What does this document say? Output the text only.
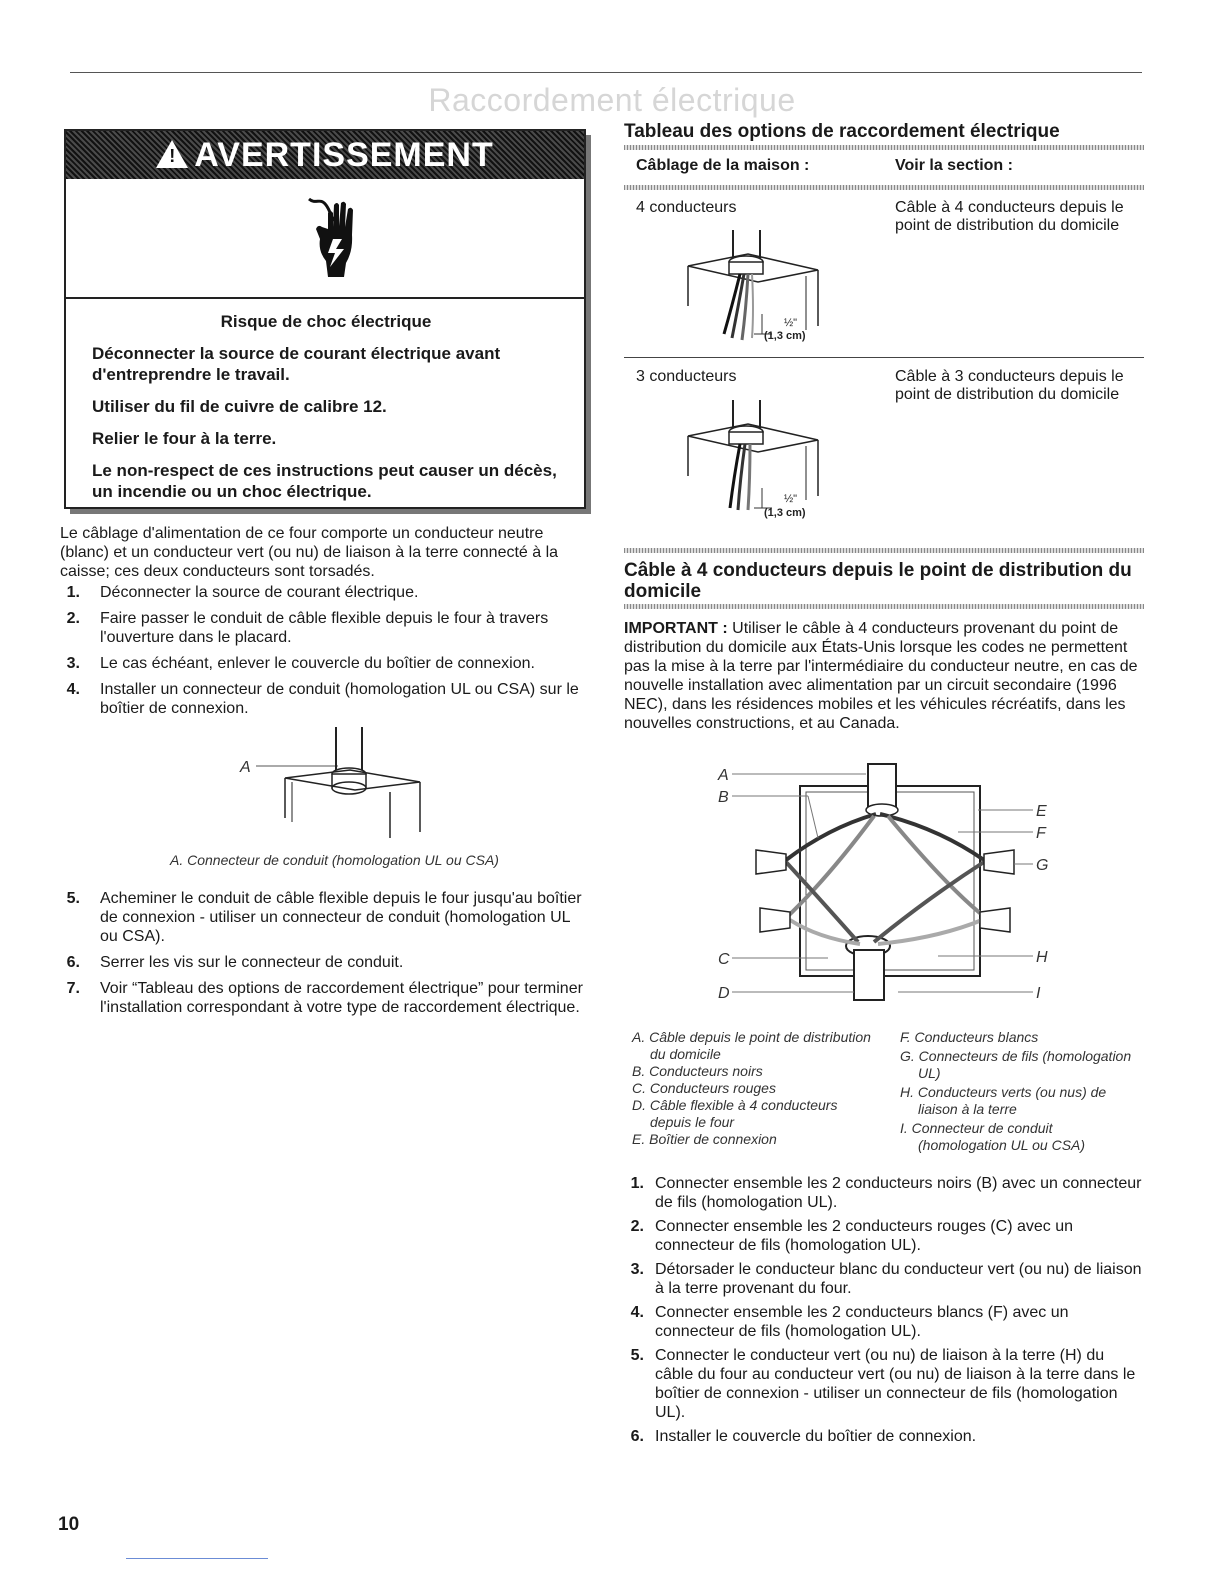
Raccordement électrique
! AVERTISSEMENT
Risque de choc électrique

Déconnecter la source de courant électrique avant d'entreprendre le travail.

Utiliser du fil de cuivre de calibre 12.

Relier le four à la terre.

Le non-respect de ces instructions peut causer un décès, un incendie ou un choc électrique.

Le câblage d'alimentation de ce four comporte un conducteur neutre (blanc) et un conducteur vert (ou nu) de liaison à la terre connecté à la caisse; ces deux conducteurs sont torsadés.
1. Déconnecter la source de courant électrique.
2. Faire passer le conduit de câble flexible depuis le four à travers l'ouverture dans le placard.
3. Le cas échéant, enlever le couvercle du boîtier de connexion.
4. Installer un connecteur de conduit (homologation UL ou CSA) sur le boîtier de connexion.
A
A. Connecteur de conduit (homologation UL ou CSA)
5. Acheminer le conduit de câble flexible depuis le four jusqu'au boîtier de connexion - utiliser un connecteur de conduit (homologation UL ou CSA).
6. Serrer les vis sur le connecteur de conduit.
7. Voir “Tableau des options de raccordement électrique” pour terminer l'installation correspondant à votre type de raccordement électrique.
10
Tableau des options de raccordement électrique
Câblage de la maison :	Voir la section :
4 conducteurs	Câble à 4 conducteurs depuis le point de distribution du domicile
½"
(1,3 cm)
3 conducteurs	Câble à 3 conducteurs depuis le point de distribution du domicile
½"
(1,3 cm)
Câble à 4 conducteurs depuis le point de distribution du domicile
IMPORTANT : Utiliser le câble à 4 conducteurs provenant du point de distribution du domicile aux États-Unis lorsque les codes ne permettent pas la mise à la terre par l'intermédiaire du conducteur neutre, en cas de nouvelle installation avec alimentation par un circuit secondaire (1996 NEC), dans les résidences mobiles et les véhicules récréatifs, dans les nouvelles constructions, et au Canada.
A
B
C
D
E
F
G
H
I
A. Câble depuis le point de distribution du domicile
B. Conducteurs noirs
C. Conducteurs rouges
D. Câble flexible à 4 conducteurs depuis le four
E. Boîtier de connexion
F. Conducteurs blancs
G. Connecteurs de fils (homologation UL)
H. Conducteurs verts (ou nus) de liaison à la terre
I. Connecteur de conduit (homologation UL ou CSA)
1. Connecter ensemble les 2 conducteurs noirs (B) avec un connecteur de fils (homologation UL).
2. Connecter ensemble les 2 conducteurs rouges (C) avec un connecteur de fils (homologation UL).
3. Détorsader le conducteur blanc du conducteur vert (ou nu) de liaison à la terre provenant du four.
4. Connecter ensemble les 2 conducteurs blancs (F) avec un connecteur de fils (homologation UL).
5. Connecter le conducteur vert (ou nu) de liaison à la terre (H) du câble du four au conducteur vert (ou nu) de liaison à la terre dans le boîtier de connexion - utiliser un connecteur de fils (homologation UL).
6. Installer le couvercle du boîtier de connexion.
